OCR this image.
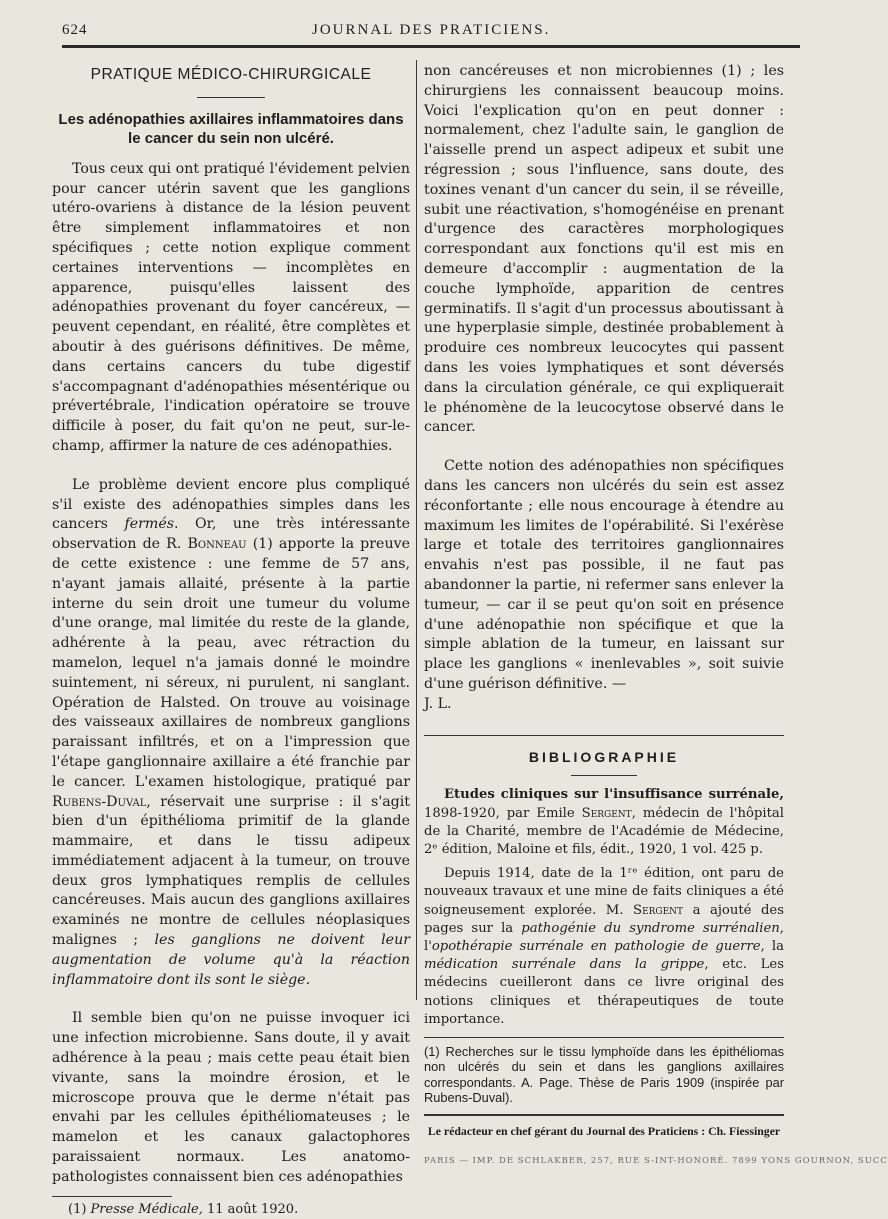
624	JOURNAL DES PRATICIENS.
PRATIQUE MÉDICO-CHIRURGICALE
Les adénopathies axillaires inflammatoires dans le cancer du sein non ulcéré.

Tous ceux qui ont pratiqué l'évidement pelvien pour cancer utérin savent que les ganglions utéro-ovariens à distance de la lésion peuvent être simplement inflammatoires et non spécifiques ; cette notion explique comment certaines interventions — incomplètes en apparence, puisqu'elles laissent des adénopathies provenant du foyer cancéreux, — peuvent cependant, en réalité, être complètes et aboutir à des guérisons définitives. De même, dans certains cancers du tube digestif s'accompagnant d'adénopathies mésentérique ou prévertébrale, l'indication opératoire se trouve difficile à poser, du fait qu'on ne peut, sur-le-champ, affirmer la nature de ces adénopathies.

Le problème devient encore plus compliqué s'il existe des adénopathies simples dans les cancers fermés. Or, une très intéressante observation de R. Bonneau (1) apporte la preuve de cette existence : une femme de 57 ans, n'ayant jamais allaité, présente à la partie interne du sein droit une tumeur du volume d'une orange, mal limitée du reste de la glande, adhérente à la peau, avec rétraction du mamelon, lequel n'a jamais donné le moindre suintement, ni séreux, ni purulent, ni sanglant. Opération de Halsted. On trouve au voisinage des vaisseaux axillaires de nombreux ganglions paraissant infiltrés, et on a l'impression que l'étape ganglionnaire axillaire a été franchie par le cancer. L'examen histologique, pratiqué par Rubens-Duval, réservait une surprise : il s'agit bien d'un épithélioma primitif de la glande mammaire, et dans le tissu adipeux immédiatement adjacent à la tumeur, on trouve deux gros lymphatiques remplis de cellules cancéreuses. Mais aucun des ganglions axillaires examinés ne montre de cellules néoplasiques malignes ; les ganglions ne doivent leur augmentation de volume qu'à la réaction inflammatoire dont ils sont le siège.

Il semble bien qu'on ne puisse invoquer ici une infection microbienne. Sans doute, il y avait adhérence à la peau ; mais cette peau était bien vivante, sans la moindre érosion, et le microscope prouva que le derme n'était pas envahi par les cellules épithéliomateuses ; le mamelon et les canaux galactophores paraissaient normaux. Les anatomo-pathologistes connaissent bien ces adénopathies

(1) Presse Médicale, 11 août 1920.

non cancéreuses et non microbiennes (1) ; les chirurgiens les connaissent beaucoup moins. Voici l'explication qu'on en peut donner : normalement, chez l'adulte sain, le ganglion de l'aisselle prend un aspect adipeux et subit une régression ; sous l'influence, sans doute, des toxines venant d'un cancer du sein, il se réveille, subit une réactivation, s'homogénéise en prenant d'urgence des caractères morphologiques correspondant aux fonctions qu'il est mis en demeure d'accomplir : augmentation de la couche lymphoïde, apparition de centres germinatifs. Il s'agit d'un processus aboutissant à une hyperplasie simple, destinée probablement à produire ces nombreux leucocytes qui passent dans les voies lymphatiques et sont déversés dans la circulation générale, ce qui expliquerait le phénomène de la leucocytose observé dans le cancer.

Cette notion des adénopathies non spécifiques dans les cancers non ulcérés du sein est assez réconfortante ; elle nous encourage à étendre au maximum les limites de l'opérabilité. Si l'exérèse large et totale des territoires ganglionnaires envahis n'est pas possible, il ne faut pas abandonner la partie, ni refermer sans enlever la tumeur, — car il se peut qu'on soit en présence d'une adénopathie non spécifique et que la simple ablation de la tumeur, en laissant sur place les ganglions « inenlevables », soit suivie d'une guérison définitive. —

J. L.

BIBLIOGRAPHIE

Etudes cliniques sur l'insuffisance surrénale, 1898-1920, par Emile Sergent, médecin de l'hôpital de la Charité, membre de l'Académie de Médecine, 2ᵉ édition, Maloine et fils, édit., 1920, 1 vol. 425 p.

Depuis 1914, date de la 1ʳᵉ édition, ont paru de nouveaux travaux et une mine de faits cliniques a été soigneusement explorée. M. Sergent a ajouté des pages sur la pathogénie du syndrome surrénalien, l'opothérapie surrénale en pathologie de guerre, la médication surrénale dans la grippe, etc. Les médecins cueilleront dans ce livre original des notions cliniques et thérapeutiques de toute importance.

(1) Recherches sur le tissu lymphoïde dans les épithéliomas non ulcérés du sein et dans les ganglions axillaires correspondants. A. Page. Thèse de Paris 1909 (inspirée par Rubens-Duval).

Le rédacteur en chef gérant du Journal des Praticiens : Ch. Fiessinger
PARIS — IMP. DE SCHLAKBER, 257, RUE S-INT-HONORÉ. 7899 YONS GOURNON, SUCC
